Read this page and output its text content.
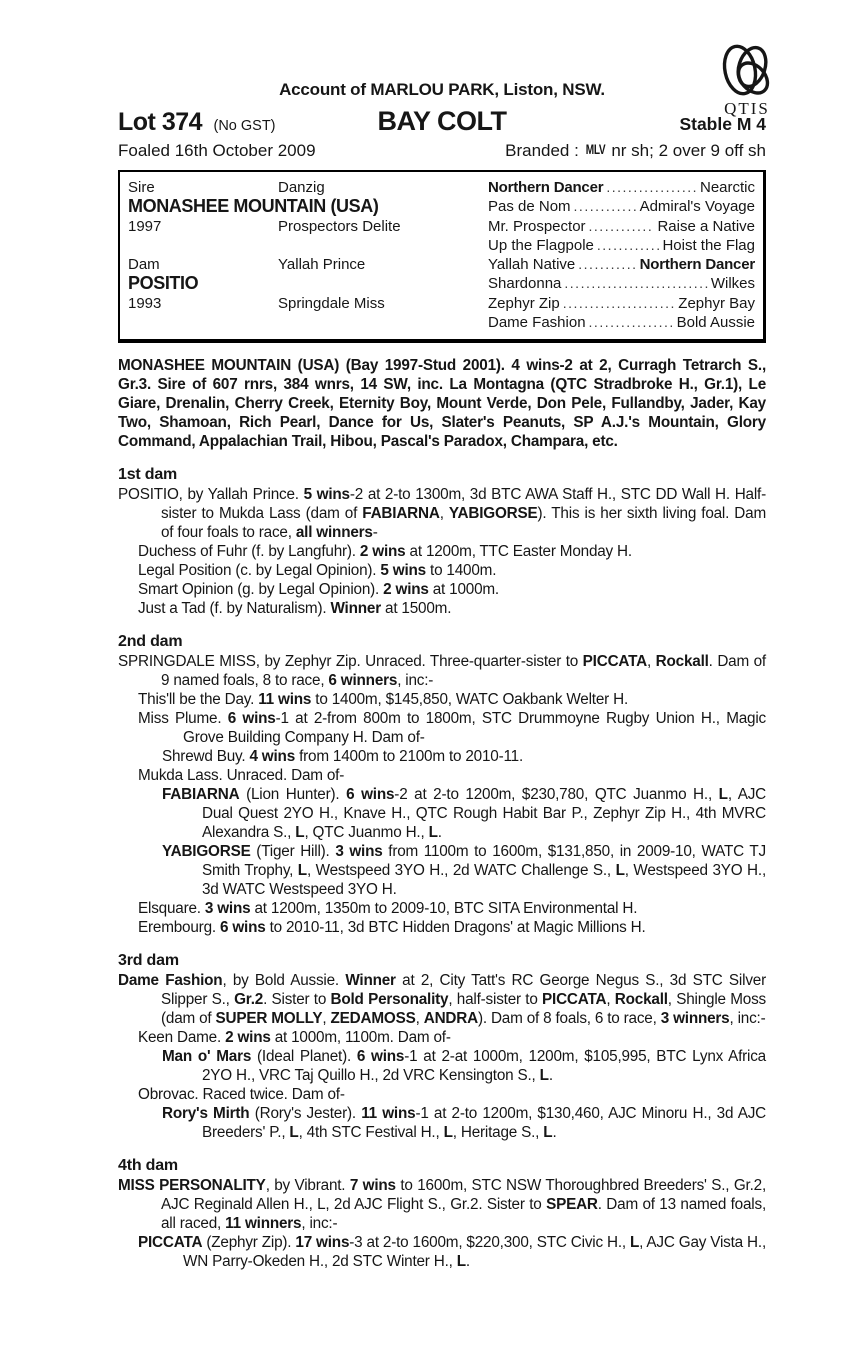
QTIS
Account of MARLOU PARK, Liston, NSW.
Lot 374 (No GST)	BAY COLT	Stable M 4
Foaled 16th October 2009	Branded : MLV nr sh; 2 over 9 off sh
Sire	Danzig
MONASHEE MOUNTAIN (USA)
1997	Prospectors Delite
Dam	Yallah Prince
POSITIO
1993	Springdale Miss
Northern Dancer .....	Nearctic
Pas de Nom .....	Admiral's Voyage
Mr. Prospector .....	Raise a Native
Up the Flagpole .....	Hoist the Flag
Yallah Native .....	Northern Dancer
Shardonna .....	Wilkes
Zephyr Zip .....	Zephyr Bay
Dame Fashion .....	Bold Aussie
MONASHEE MOUNTAIN (USA) (Bay 1997-Stud 2001). 4 wins-2 at 2, Curragh Tetrarch S., Gr.3. Sire of 607 rnrs, 384 wnrs, 14 SW, inc. La Montagna (QTC Stradbroke H., Gr.1), Le Giare, Drenalin, Cherry Creek, Eternity Boy, Mount Verde, Don Pele, Fullandby, Jader, Kay Two, Shamoan, Rich Pearl, Dance for Us, Slater's Peanuts, SP A.J.'s Mountain, Glory Command, Appalachian Trail, Hibou, Pascal's Paradox, Champara, etc.
1st dam
POSITIO, by Yallah Prince. 5 wins-2 at 2-to 1300m, 3d BTC AWA Staff H., STC DD Wall H. Half-sister to Mukda Lass (dam of FABIARNA, YABIGORSE). This is her sixth living foal. Dam of four foals to race, all winners-
Duchess of Fuhr (f. by Langfuhr). 2 wins at 1200m, TTC Easter Monday H.
Legal Position (c. by Legal Opinion). 5 wins to 1400m.
Smart Opinion (g. by Legal Opinion). 2 wins at 1000m.
Just a Tad (f. by Naturalism). Winner at 1500m.
2nd dam
SPRINGDALE MISS, by Zephyr Zip. Unraced. Three-quarter-sister to PICCATA, Rockall. Dam of 9 named foals, 8 to race, 6 winners, inc:-
This'll be the Day. 11 wins to 1400m, $145,850, WATC Oakbank Welter H.
Miss Plume. 6 wins-1 at 2-from 800m to 1800m, STC Drummoyne Rugby Union H., Magic Grove Building Company H. Dam of-
Shrewd Buy. 4 wins from 1400m to 2100m to 2010-11.
Mukda Lass. Unraced. Dam of-
FABIARNA (Lion Hunter). 6 wins-2 at 2-to 1200m, $230,780, QTC Juanmo H., L, AJC Dual Quest 2YO H., Knave H., QTC Rough Habit Bar P., Zephyr Zip H., 4th MVRC Alexandra S., L, QTC Juanmo H., L.
YABIGORSE (Tiger Hill). 3 wins from 1100m to 1600m, $131,850, in 2009-10, WATC TJ Smith Trophy, L, Westspeed 3YO H., 2d WATC Challenge S., L, Westspeed 3YO H., 3d WATC Westspeed 3YO H.
Elsquare. 3 wins at 1200m, 1350m to 2009-10, BTC SITA Environmental H.
Erembourg. 6 wins to 2010-11, 3d BTC Hidden Dragons' at Magic Millions H.
3rd dam
Dame Fashion, by Bold Aussie. Winner at 2, City Tatt's RC George Negus S., 3d STC Silver Slipper S., Gr.2. Sister to Bold Personality, half-sister to PICCATA, Rockall, Shingle Moss (dam of SUPER MOLLY, ZEDAMOSS, ANDRA). Dam of 8 foals, 6 to race, 3 winners, inc:-
Keen Dame. 2 wins at 1000m, 1100m. Dam of-
Man o' Mars (Ideal Planet). 6 wins-1 at 2-at 1000m, 1200m, $105,995, BTC Lynx Africa 2YO H., VRC Taj Quillo H., 2d VRC Kensington S., L.
Obrovac. Raced twice. Dam of-
Rory's Mirth (Rory's Jester). 11 wins-1 at 2-to 1200m, $130,460, AJC Minoru H., 3d AJC Breeders' P., L, 4th STC Festival H., L, Heritage S., L.
4th dam
MISS PERSONALITY, by Vibrant. 7 wins to 1600m, STC NSW Thoroughbred Breeders' S., Gr.2, AJC Reginald Allen H., L, 2d AJC Flight S., Gr.2. Sister to SPEAR. Dam of 13 named foals, all raced, 11 winners, inc:-
PICCATA (Zephyr Zip). 17 wins-3 at 2-to 1600m, $220,300, STC Civic H., L, AJC Gay Vista H., WN Parry-Okeden H., 2d STC Winter H., L.
